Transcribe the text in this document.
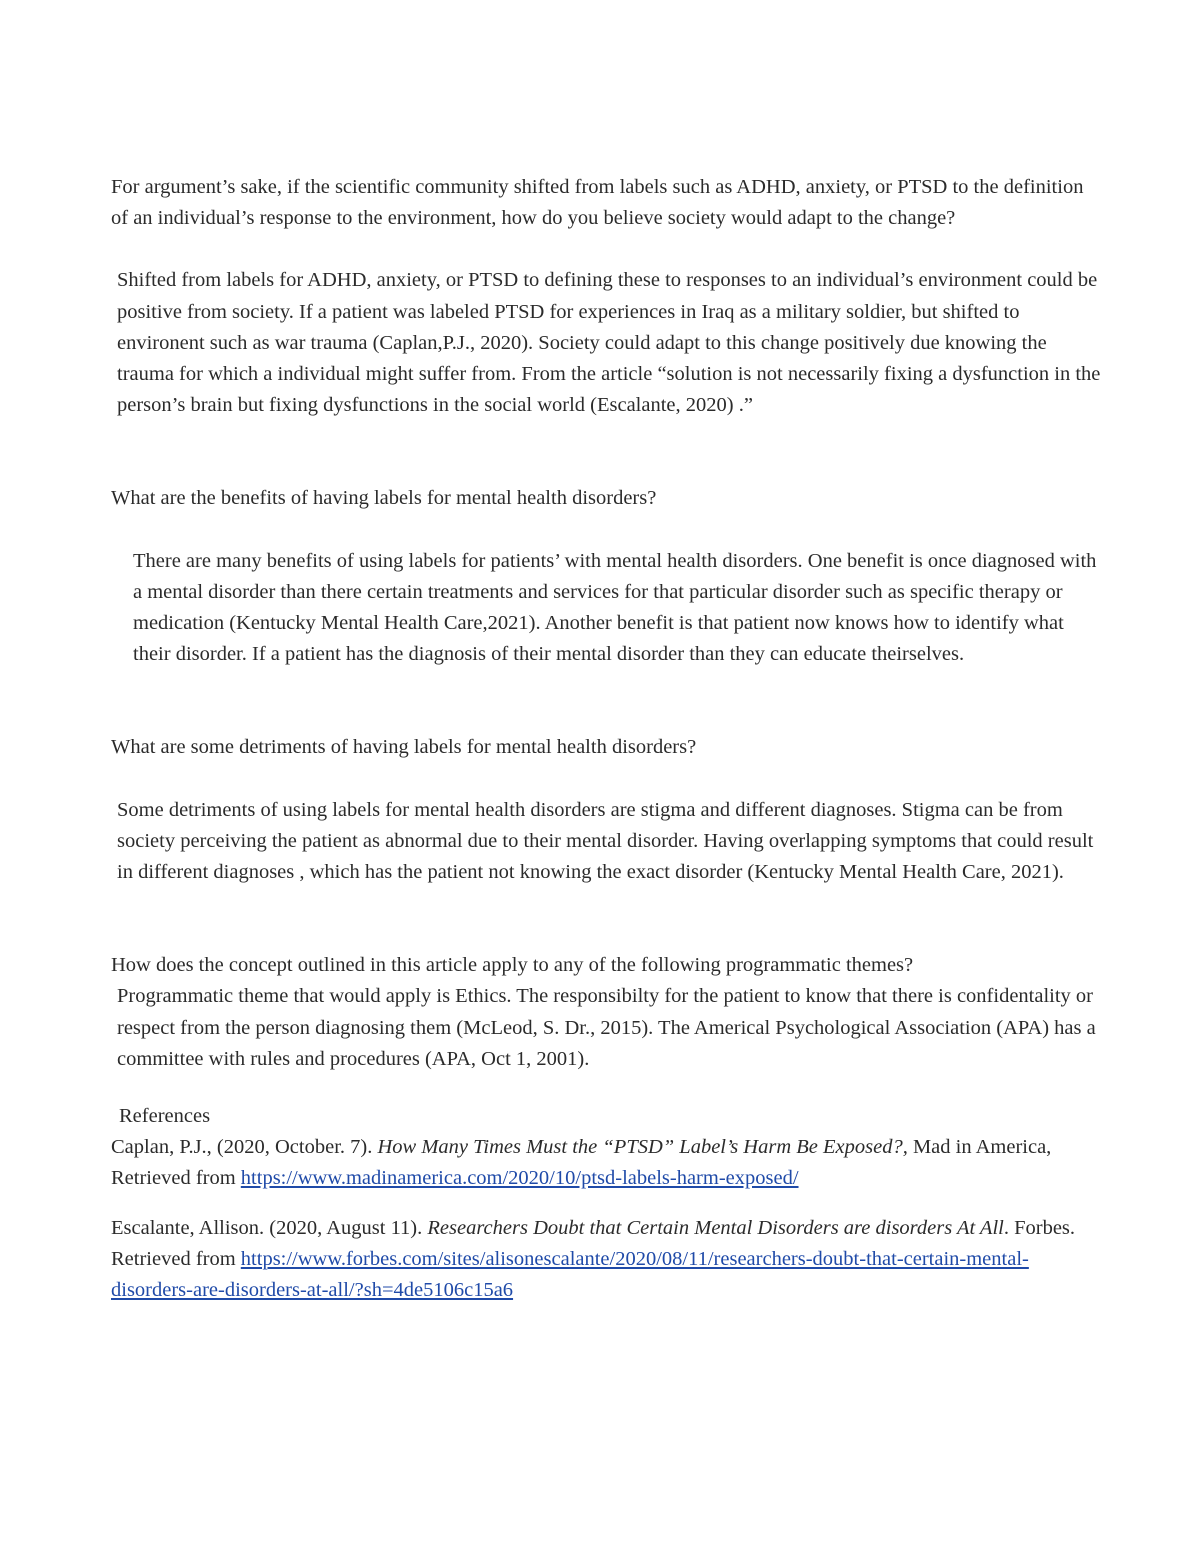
For argument’s sake, if the scientific community shifted from labels such as ADHD, anxiety, or PTSD to the definition of an individual’s response to the environment, how do you believe society would adapt to the change?

Shifted from labels for ADHD, anxiety, or PTSD to defining these to responses to an individual’s environment could be positive from society. If a patient was labeled PTSD for experiences in Iraq as a military soldier, but shifted to environent such as war trauma (Caplan,P.J., 2020). Society could adapt to this change positively due knowing the trauma for which a individual might suffer from. From the article “solution is not necessarily fixing a dysfunction in the person’s brain but fixing dysfunctions in the social world (Escalante, 2020) .”

What are the benefits of having labels for mental health disorders?

There are many benefits of using labels for patients’ with mental health disorders. One benefit is once diagnosed with a mental disorder than there certain treatments and services for that particular disorder such as specific therapy or medication (Kentucky Mental Health Care,2021). Another benefit is that patient now knows how to identify what their disorder. If a patient has the diagnosis of their mental disorder than they can educate theirselves.

What are some detriments of having labels for mental health disorders?

Some detriments of using labels for mental health disorders are stigma and different diagnoses. Stigma can be from society perceiving the patient as abnormal due to their mental disorder. Having overlapping symptoms that could result in different diagnoses , which has the patient not knowing the exact disorder (Kentucky Mental Health Care, 2021).

How does the concept outlined in this article apply to any of the following programmatic themes?

Programmatic theme that would apply is Ethics. The responsibilty for the patient to know that there is confidentality or respect from the person diagnosing them (McLeod, S. Dr., 2015). The Americal Psychological Association (APA) has a committee with rules and procedures (APA, Oct 1, 2001).

References

Caplan, P.J., (2020, October. 7). How Many Times Must the “PTSD” Label’s Harm Be Exposed?, Mad in America, Retrieved from https://www.madinamerica.com/2020/10/ptsd-labels-harm-exposed/

Escalante, Allison. (2020, August 11). Researchers Doubt that Certain Mental Disorders are disorders At All. Forbes. Retrieved from https://www.forbes.com/sites/alisonescalante/2020/08/11/researchers-doubt-that-certain-mental-disorders-are-disorders-at-all/?sh=4de5106c15a6
